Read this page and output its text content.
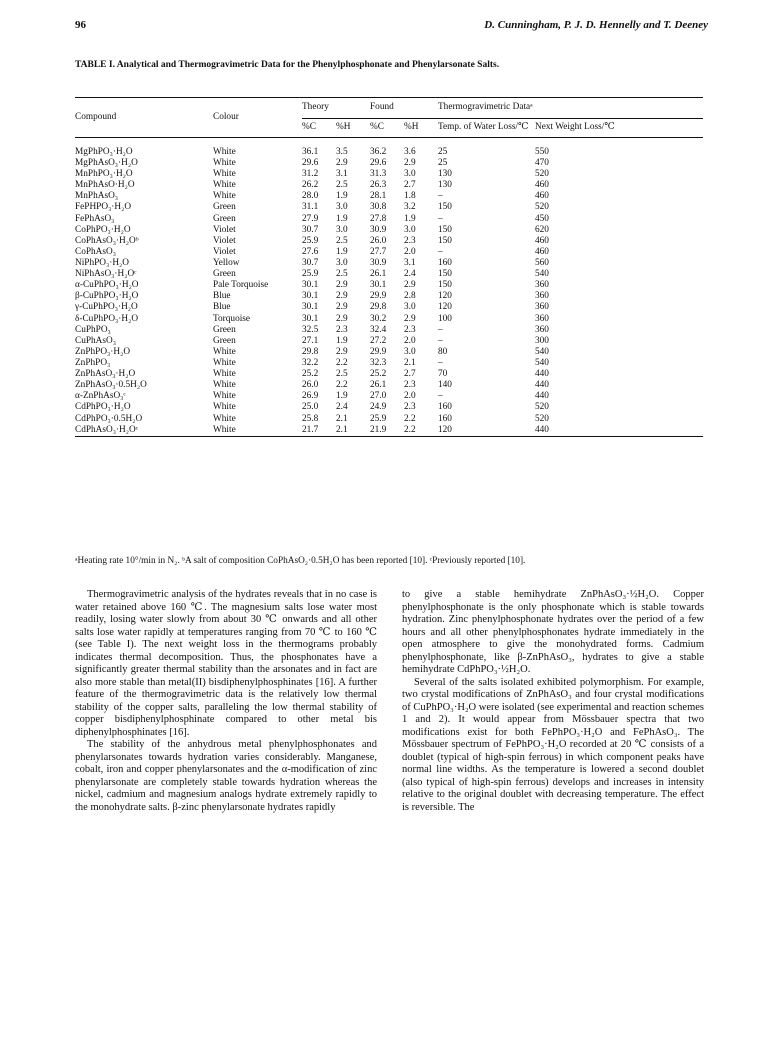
96	D. Cunningham, P. J. D. Hennelly and T. Deeney
TABLE I. Analytical and Thermogravimetric Data for the Phenylphosphonate and Phenylarsonate Salts.
Compound	Colour	Theory		Found		Thermogravimetric Dataᵃ	
		%C	%H	%C	%H	Temp. of Water Loss/℃	Next Weight Loss/℃

MgPhPO₃·H₂O	White	36.1	3.5	36.2	3.6	25	550
MgPhAsO₃·H₂O	White	29.6	2.9	29.6	2.9	25	470
MnPhPO₃·H₂O	White	31.2	3.1	31.3	3.0	130	520
MnPhAsO·H₂O	White	26.2	2.5	26.3	2.7	130	460
MnPhAsO₃	White	28.0	1.9	28.1	1.8	–	460
FePHPO₃·H₂O	Green	31.1	3.0	30.8	3.2	150	520
FePhAsO₃	Green	27.9	1.9	27.8	1.9	–	450
CoPhPO₃·H₂O	Violet	30.7	3.0	30.9	3.0	150	620
CoPhAsO₃·H₂Oᵇ	Violet	25.9	2.5	26.0	2.3	150	460
CoPhAsO₃	Violet	27.6	1.9	27.7	2.0	–	460
NiPhPO₃·H₂O	Yellow	30.7	3.0	30.9	3.1	160	560
NiPhAsO₃·H₂Oᶜ	Green	25.9	2.5	26.1	2.4	150	540
α-CuPhPO₃·H₂O	Pale Torquoise	30.1	2.9	30.1	2.9	150	360
β-CuPhPO₃·H₂O	Blue	30.1	2.9	29.9	2.8	120	360
γ-CuPhPO₃·H₂O	Blue	30.1	2.9	29.8	3.0	120	360
δ-CuPhPO₃·H₂O	Torquoise	30.1	2.9	30.2	2.9	100	360
CuPhPO₃	Green	32.5	2.3	32.4	2.3	–	360
CuPhAsO₃	Green	27.1	1.9	27.2	2.0	–	300
ZnPhPO₃·H₂O	White	29.8	2.9	29.9	3.0	80	540
ZnPhPO₃	White	32.2	2.2	32.3	2.1	–	540
ZnPhAsO₃·H₂O	White	25.2	2.5	25.2	2.7	70	440
ZnPhAsO₃·0.5H₂O	White	26.0	2.2	26.1	2.3	140	440
α-ZnPhAsO₃ᶜ	White	26.9	1.9	27.0	2.0	–	440
CdPhPO₃·H₂O	White	25.0	2.4	24.9	2.3	160	520
CdPhPO₃·0.5H₂O	White	25.8	2.1	25.9	2.2	160	520
CdPhAsO₃·H₂Oᶜ	White	21.7	2.1	21.9	2.2	120	440
ᵃHeating rate 10°/min in N₂. ᵇA salt of composition CoPhAsO₂·0.5H₂O has been reported [10]. ᶜPreviously reported [10].

Thermogravimetric analysis of the hydrates reveals that in no case is water retained above 160 ℃. The magnesium salts lose water most readily, losing water slowly from about 30 ℃ onwards and all other salts lose water rapidly at temperatures ranging from 70 ℃ to 160 ℃ (see Table I). The next weight loss in the thermograms probably indicates thermal decomposition. Thus, the phosphonates have a significantly greater thermal stability than the arsonates and in fact are also more stable than metal(II) bisdiphenylphosphinates [16]. A further feature of the thermogravimetric data is the relatively low thermal stability of the copper salts, paralleling the low thermal stability of copper bisdiphenylphosphinate compared to other metal bis diphenylphosphinates [16].

The stability of the anhydrous metal phenylphosphonates and phenylarsonates towards hydration varies considerably. Manganese, cobalt, iron and copper phenylarsonates and the α-modification of zinc phenylarsonate are completely stable towards hydration whereas the nickel, cadmium and magnesium analogs hydrate extremely rapidly to the monohydrate salts. β-zinc phenylarsonate hydrates rapidly

to give a stable hemihydrate ZnPhAsO₃·½H₂O. Copper phenylphosphonate is the only phosphonate which is stable towards hydration. Zinc phenylphosphonate hydrates over the period of a few hours and all other phenylphosphonates hydrate immediately in the open atmosphere to give the monohydrated forms. Cadmium phenylphosphonate, like β-ZnPhAsO₃, hydrates to give a stable hemihydrate CdPhPO₃·½H₂O.

Several of the salts isolated exhibited polymorphism. For example, two crystal modifications of ZnPhAsO₃ and four crystal modifications of CuPhPO₃·H₂O were isolated (see experimental and reaction schemes 1 and 2). It would appear from Mössbauer spectra that two modifications exist for both FePhPO₃·H₂O and FePhAsO₃. The Mössbauer spectrum of FePhPO₃·H₂O recorded at 20 ℃ consists of a doublet (typical of high-spin ferrous) in which component peaks have normal line widths. As the temperature is lowered a second doublet (also typical of high-spin ferrous) develops and increases in intensity relative to the original doublet with decreasing temperature. The effect is reversible. The
